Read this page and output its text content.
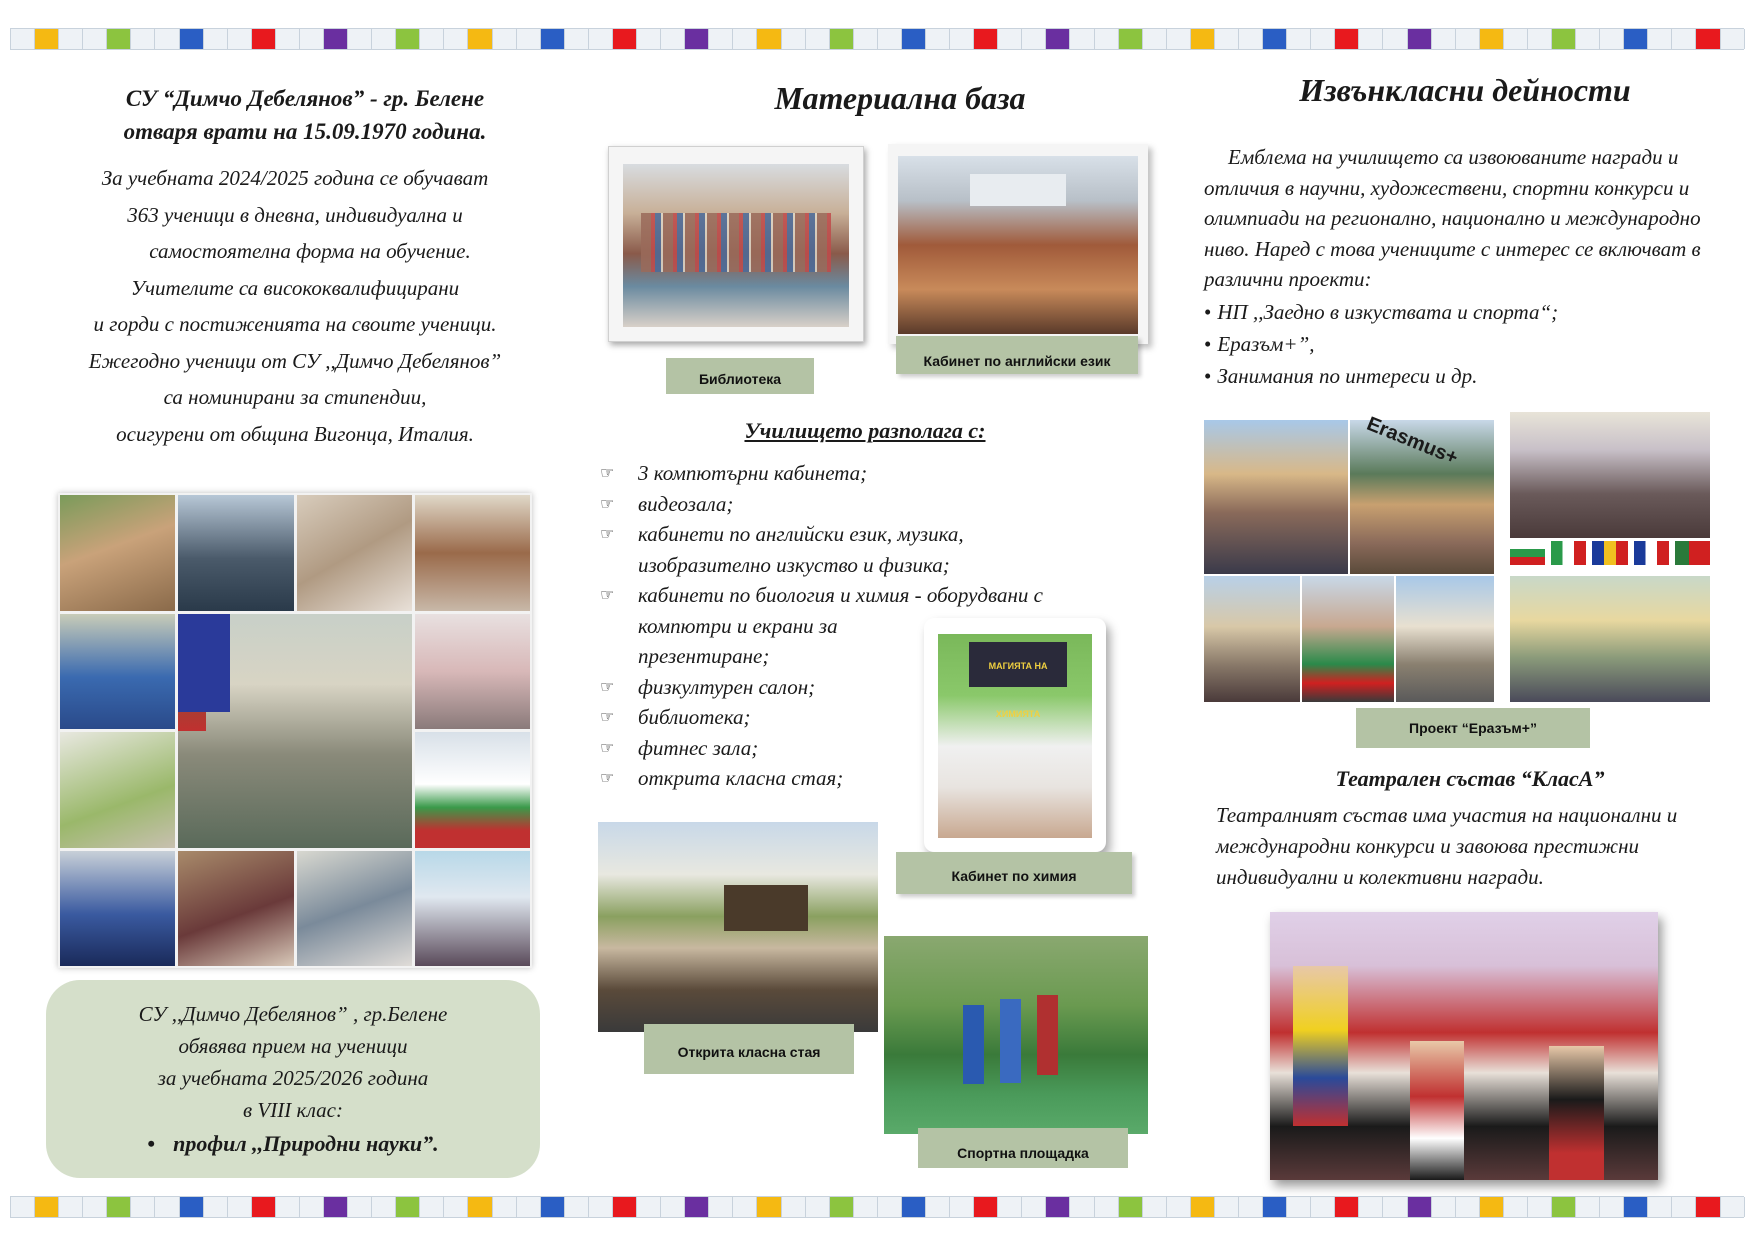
СУ “Димчо Дебелянов” - гр. Белене
отваря врати на 15.09.1970 година.
За учебната 2024/2025 година се обучават
363 ученици в дневна, индивидуална и
самостоятелна форма на обучение.
Учителите са висококвалифицирани
и горди с постиженията на своите ученици.
Ежегодно ученици от СУ ,,Димчо Дебелянов”
са номинирани за стипендии,
осигурени от община Вигонца, Италия.
СУ ,,Димчо Дебелянов” , гр.Белене
обявява прием на ученици
за учебната 2025/2026 година
в VIII клас:
• профил ,,Природни науки”.
Материална база
Библиотека
Кабинет по английски език
Училището разполага с:
☞ 3 компютърни кабинета;
☞ видеозала;
☞ кабинети по английски език, музика,
изобразително изкуство и физика;
☞ кабинети по биология и химия - оборудвани с
компютри и екрани за
презентиране;
☞ физкултурен салон;
☞ библиотека;
☞ фитнес зала;
☞ открита класна стая;
МАГИЯТА НА ХИМИЯТА
Кабинет по химия
Открита класна стая
Спортна площадка
Извънкласни дейности
Емблема на училището са извоюваните награди и отличия в научни, художествени, спортни конкурси и олимпиади на регионално, национално и международно ниво. Наред с това учениците с интерес се включват в различни проекти:
• НП ,,Заедно в изкуствата и спорта“;
• Еразъм+”,
• Занимания по интереси и др.
Erasmus+
Проект “Еразъм+”
Театрален състав “КласА”
Театралният състав има участия на национални и международни конкурси и завоюва престижни индивидуални и колективни награди.
